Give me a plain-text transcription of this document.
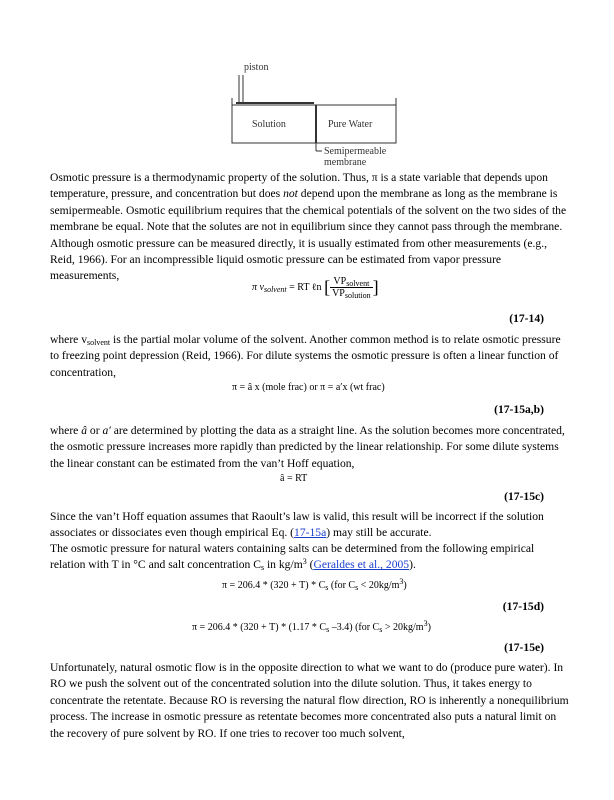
piston
Solution	Pure Water
Semipermeable
membrane

Osmotic pressure is a thermodynamic property of the solution. Thus, π is a state variable that depends upon temperature, pressure, and concentration but does not depend upon the membrane as long as the membrane is semipermeable. Osmotic equilibrium requires that the chemical potentials of the solvent on the two sides of the membrane be equal. Note that the solutes are not in equilibrium since they cannot pass through the membrane. Although osmotic pressure can be measured directly, it is usually estimated from other measurements (e.g., Reid, 1966). For an incompressible liquid osmotic pressure can be estimated from vapor pressure measurements,

π $v_{solvent}$ = RT ℓn [ $\frac{VP_{solvent}}{VP_{solution}}$ ]
(17-14)

where $v_{solvent}$ is the partial molar volume of the solvent. Another common method is to relate osmotic pressure to freezing point depression (Reid, 1966). For dilute systems the osmotic pressure is often a linear function of concentration,

π = â x (mole frac) or π = a′x (wt frac)
(17-15a,b)

where â or a′ are determined by plotting the data as a straight line. As the solution becomes more concentrated, the osmotic pressure increases more rapidly than predicted by the linear relationship. For some dilute systems the linear constant can be estimated from the van’t Hoff equation,

â = RT
(17-15c)

Since the van’t Hoff equation assumes that Raoult’s law is valid, this result will be incorrect if the solution associates or dissociates even though empirical Eq. (17-15a) may still be accurate.

The osmotic pressure for natural waters containing salts can be determined from the following empirical relation with T in °C and salt concentration $C_s$ in $kg/m^3$ (Geraldes et al., 2005).

$\pi = 206.4 * (320 + T) * C_s$ (for $C_s < 20kg/m^3$)
(17-15d)
$\pi = 206.4 * (320 + T) * (1.17 * C_s$ –3.4) (for $C_s > 20kg/m^3$)
(17-15e)

Unfortunately, natural osmotic flow is in the opposite direction to what we want to do (produce pure water). In RO we push the solvent out of the concentrated solution into the dilute solution. Thus, it takes energy to concentrate the retentate. Because RO is reversing the natural flow direction, RO is inherently a nonequilibrium process. The increase in osmotic pressure as retentate becomes more concentrated also puts a natural limit on the recovery of pure solvent by RO. If one tries to recover too much solvent,
